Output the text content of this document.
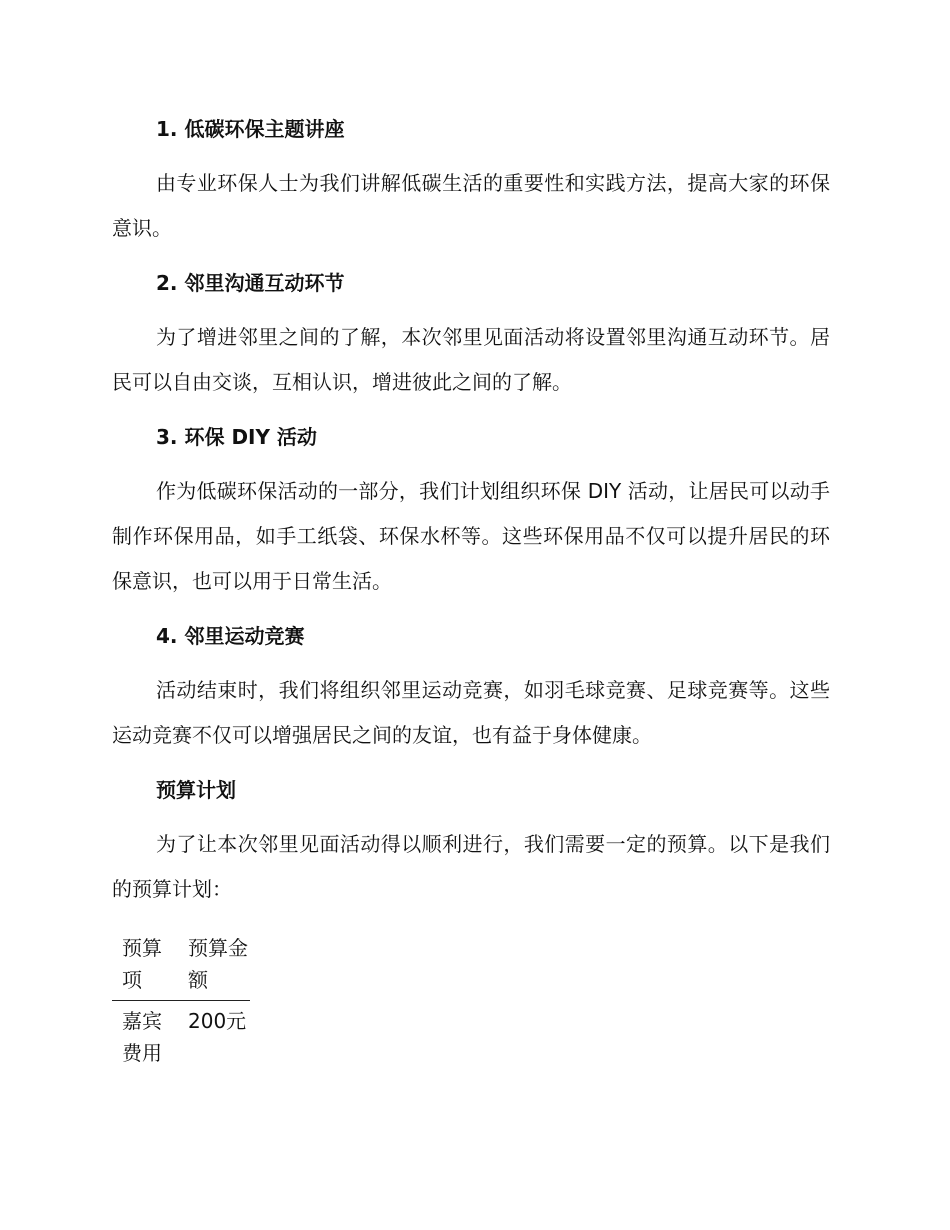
1. 低碳环保主题讲座

由专业环保人士为我们讲解低碳生活的重要性和实践方法，提高大家的环保意识。

2. 邻里沟通互动环节

为了增进邻里之间的了解，本次邻里见面活动将设置邻里沟通互动环节。居民可以自由交谈，互相认识，增进彼此之间的了解。

3. 环保 DIY 活动

作为低碳环保活动的一部分，我们计划组织环保 DIY 活动，让居民可以动手制作环保用品，如手工纸袋、环保水杯等。这些环保用品不仅可以提升居民的环保意识，也可以用于日常生活。

4. 邻里运动竞赛

活动结束时，我们将组织邻里运动竞赛，如羽毛球竞赛、足球竞赛等。这些运动竞赛不仅可以增强居民之间的友谊，也有益于身体健康。

预算计划

为了让本次邻里见面活动得以顺利进行，我们需要一定的预算。以下是我们的预算计划：

预算项	预算金额
嘉宾费用	200元
